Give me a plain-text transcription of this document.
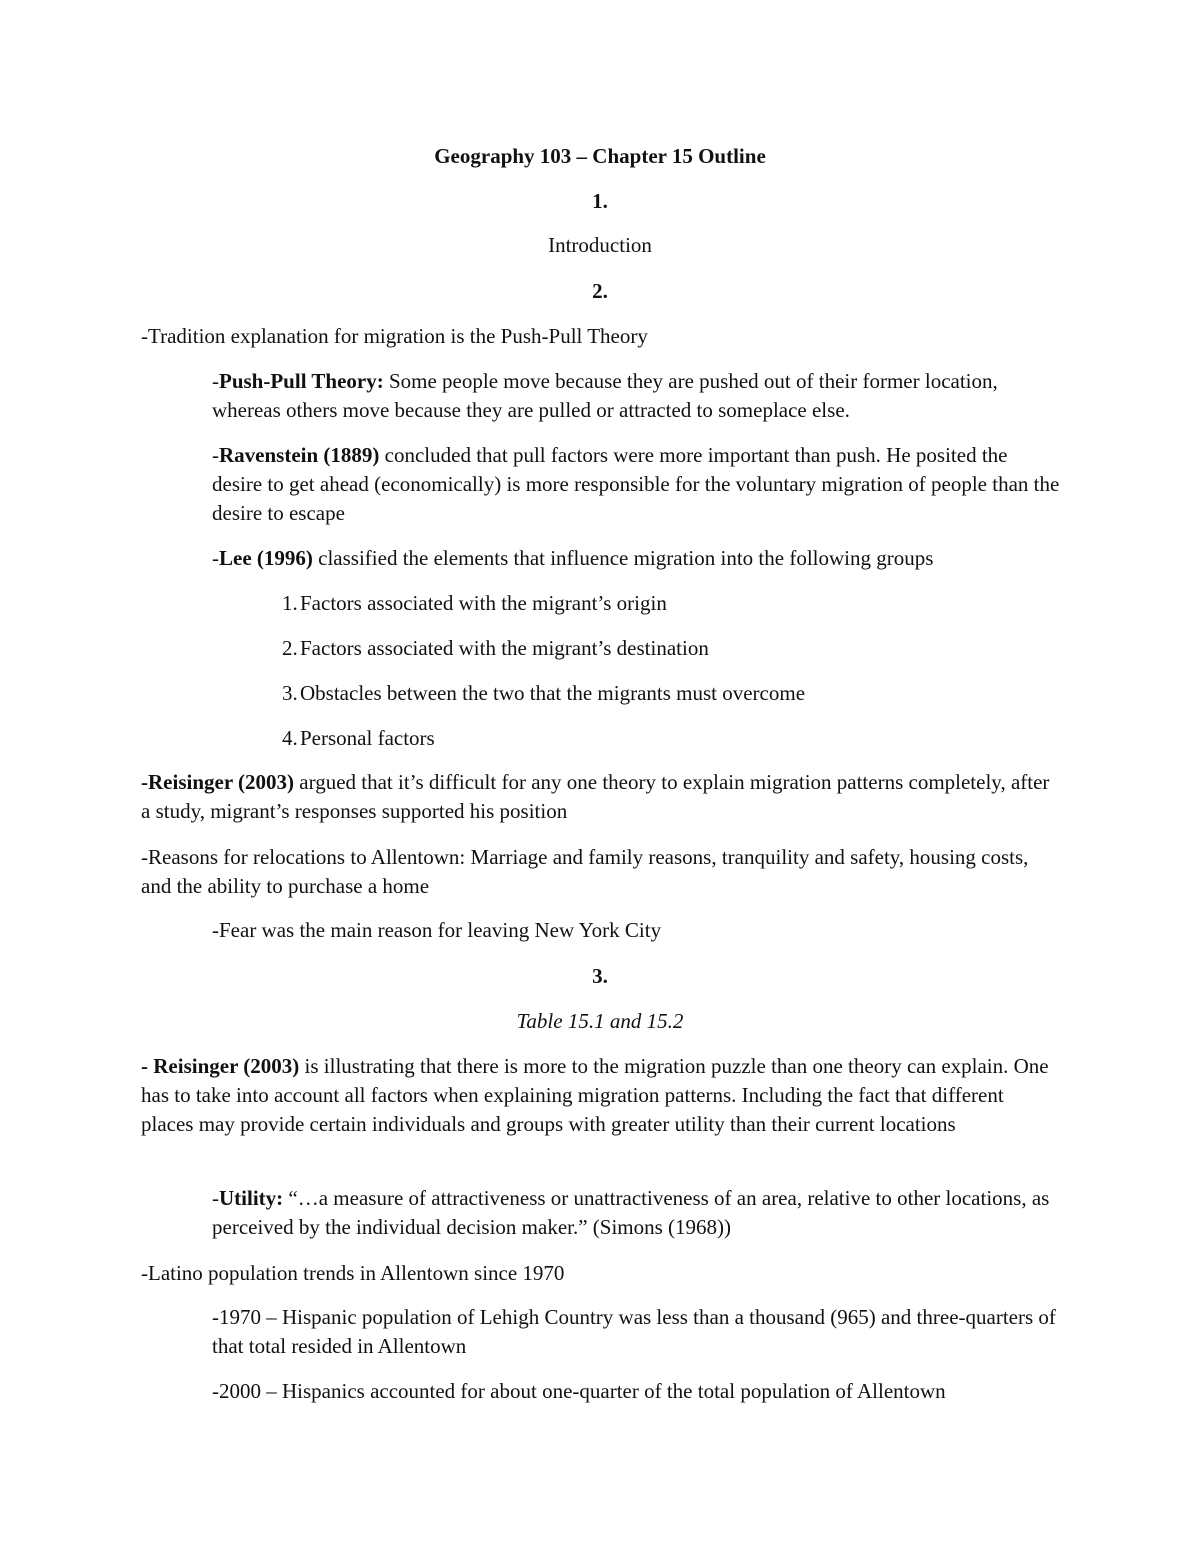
Geography 103 – Chapter 15 Outline

1.

Introduction

2.

-Tradition explanation for migration is the Push-Pull Theory

-Push-Pull Theory: Some people move because they are pushed out of their former location, whereas others move because they are pulled or attracted to someplace else.

-Ravenstein (1889) concluded that pull factors were more important than push. He posited the desire to get ahead (economically) is more responsible for the voluntary migration of people than the desire to escape

-Lee (1996) classified the elements that influence migration into the following groups

1. Factors associated with the migrant’s origin

2. Factors associated with the migrant’s destination

3. Obstacles between the two that the migrants must overcome

4. Personal factors

-Reisinger (2003) argued that it’s difficult for any one theory to explain migration patterns completely, after a study, migrant’s responses supported his position

-Reasons for relocations to Allentown: Marriage and family reasons, tranquility and safety, housing costs, and the ability to purchase a home

-Fear was the main reason for leaving New York City

3.

Table 15.1 and 15.2

- Reisinger (2003) is illustrating that there is more to the migration puzzle than one theory can explain. One has to take into account all factors when explaining migration patterns. Including the fact that different places may provide certain individuals and groups with greater utility than their current locations

-Utility: “…a measure of attractiveness or unattractiveness of an area, relative to other locations, as perceived by the individual decision maker.” (Simons (1968))

-Latino population trends in Allentown since 1970

-1970 – Hispanic population of Lehigh Country was less than a thousand (965) and three-quarters of that total resided in Allentown

-2000 – Hispanics accounted for about one-quarter of the total population of Allentown
